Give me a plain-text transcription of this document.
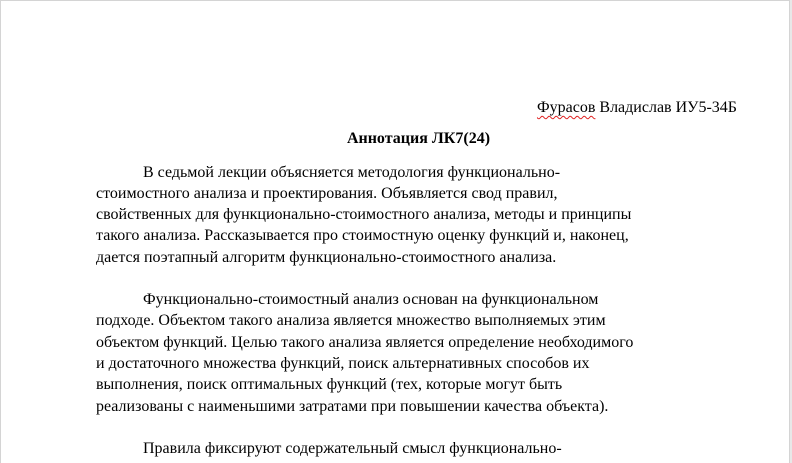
Фурасов Владислав ИУ5-34Б

Аннотация ЛК7(24)

В седьмой лекции объясняется методология функционально-
стоимостного анализа и проектирования. Объявляется свод правил,
свойственных для функционально-стоимостного анализа, методы и принципы
такого анализа. Рассказывается про стоимостную оценку функций и, наконец,
дается поэтапный алгоритм функционально-стоимостного анализа.

Функционально-стоимостный анализ основан на функциональном
подходе. Объектом такого анализа является множество выполняемых этим
объектом функций. Целью такого анализа является определение необходимого
и достаточного множества функций, поиск альтернативных способов их
выполнения, поиск оптимальных функций (тех, которые могут быть
реализованы с наименьшими затратами при повышении качества объекта).

Правила фиксируют содержательный смысл функционально-
